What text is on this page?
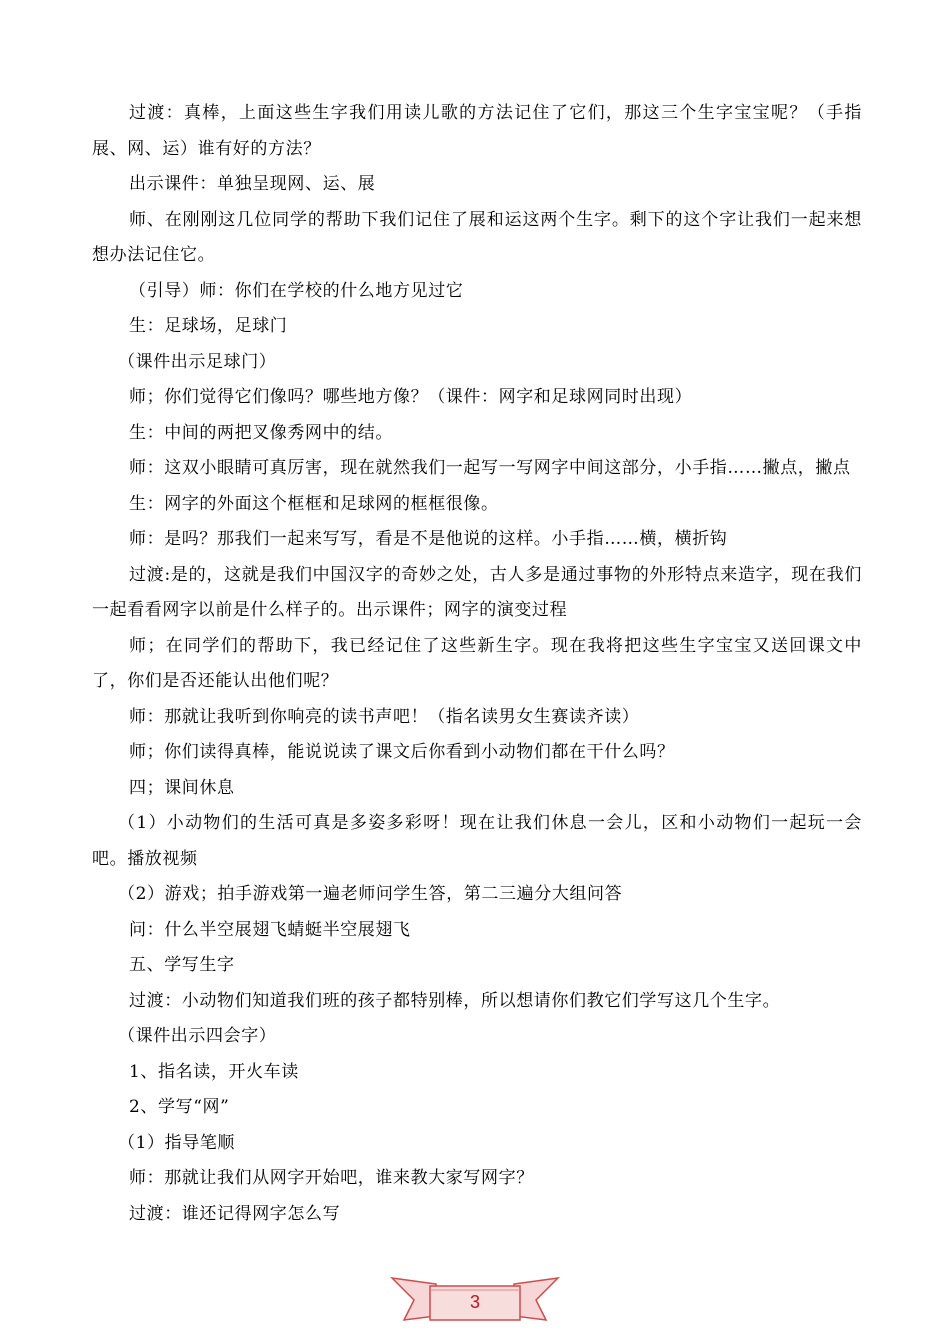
过渡：真棒，上面这些生字我们用读儿歌的方法记住了它们，那这三个生字宝宝呢？（手指展、网、运）谁有好的方法？

出示课件：单独呈现网、运、展

师、在刚刚这几位同学的帮助下我们记住了展和运这两个生字。剩下的这个字让我们一起来想想办法记住它。

（引导）师：你们在学校的什么地方见过它

生：足球场，足球门

（课件出示足球门）

师；你们觉得它们像吗？哪些地方像？（课件：网字和足球网同时出现）

生：中间的两把叉像秀网中的结。

师：这双小眼睛可真厉害，现在就然我们一起写一写网字中间这部分，小手指……撇点，撇点

生：网字的外面这个框框和足球网的框框很像。

师：是吗？那我们一起来写写，看是不是他说的这样。小手指……横，横折钩

过渡:是的，这就是我们中国汉字的奇妙之处，古人多是通过事物的外形特点来造字，现在我们一起看看网字以前是什么样子的。出示课件；网字的演变过程

师；在同学们的帮助下，我已经记住了这些新生字。现在我将把这些生字宝宝又送回课文中了，你们是否还能认出他们呢？

师：那就让我听到你响亮的读书声吧！（指名读男女生赛读齐读）

师；你们读得真棒，能说说读了课文后你看到小动物们都在干什么吗？

四；课间休息

（1）小动物们的生活可真是多姿多彩呀！现在让我们休息一会儿，区和小动物们一起玩一会吧。播放视频

（2）游戏；拍手游戏第一遍老师问学生答，第二三遍分大组问答

问：什么半空展翅飞蜻蜓半空展翅飞

五、学写生字

过渡：小动物们知道我们班的孩子都特别棒，所以想请你们教它们学写这几个生字。

（课件出示四会字）

1、指名读，开火车读

2、学写“网”

（1）指导笔顺

师：那就让我们从网字开始吧，谁来教大家写网字？

过渡：谁还记得网字怎么写

3
